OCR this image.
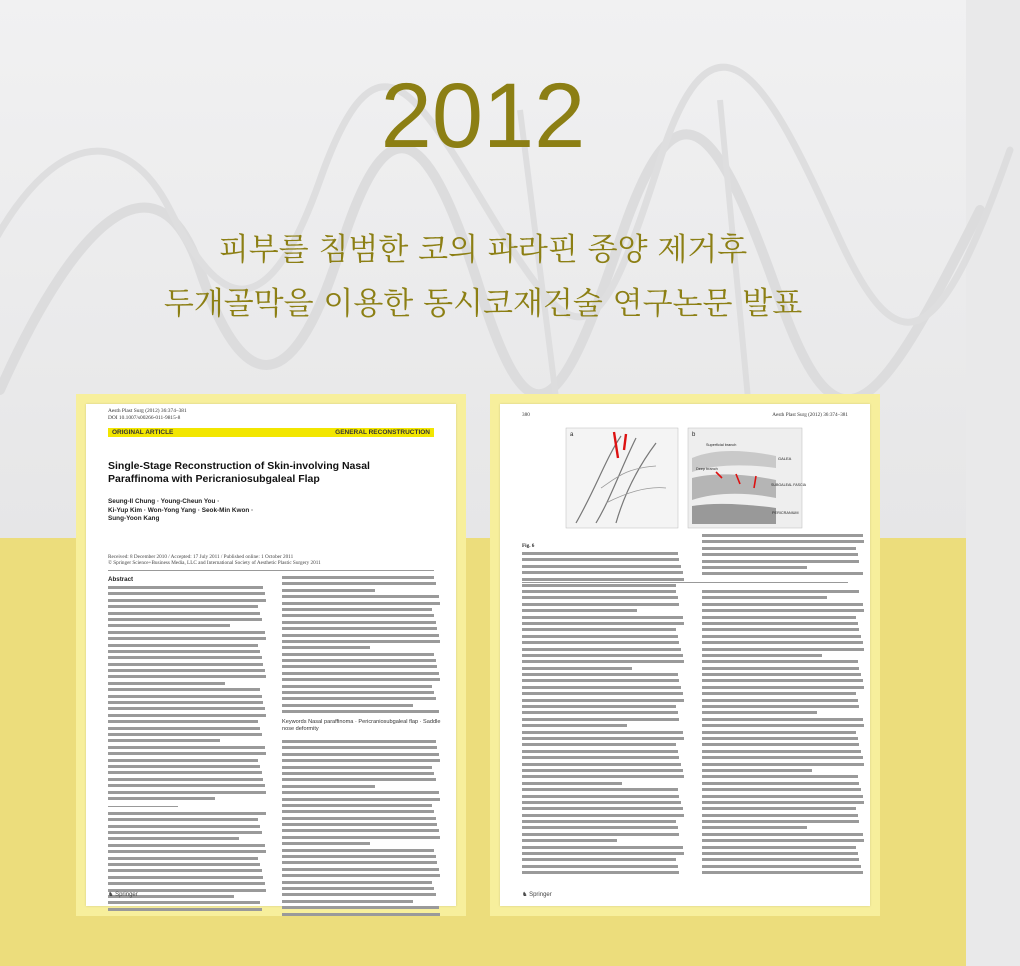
2012
피부를 침범한 코의 파라핀 종양 제거후
두개골막을 이용한 동시코재건술 연구논문 발표
Aesth Plast Surg (2012) 36:374–381
DOI 10.1007/s00266-011-9815-8
ORIGINAL ARTICLE	GENERAL RECONSTRUCTION
Single-Stage Reconstruction of Skin-involving Nasal Paraffinoma with Pericraniosubgaleal Flap
Seung-Il Chung · Young-Cheun You ·
Ki-Yup Kim · Won-Yong Yang · Seok-Min Kwon ·
Sung-Yoon Kang
Received: 8 December 2010 / Accepted: 17 July 2011 / Published online: 1 October 2011
© Springer Science+Business Media, LLC and International Society of Aesthetic Plastic Surgery 2011
Abstract
Keywords Nasal paraffinoma · Pericraniosubgaleal flap · Saddle nose deformity
♞ Springer
380	Aesth Plast Surg (2012) 36:374–381
a	b
GALEA
SUBGALEAL FASCIA
PERICRANIUM
Superficial branch
Deep branch
Fig. 6
♞ Springer
